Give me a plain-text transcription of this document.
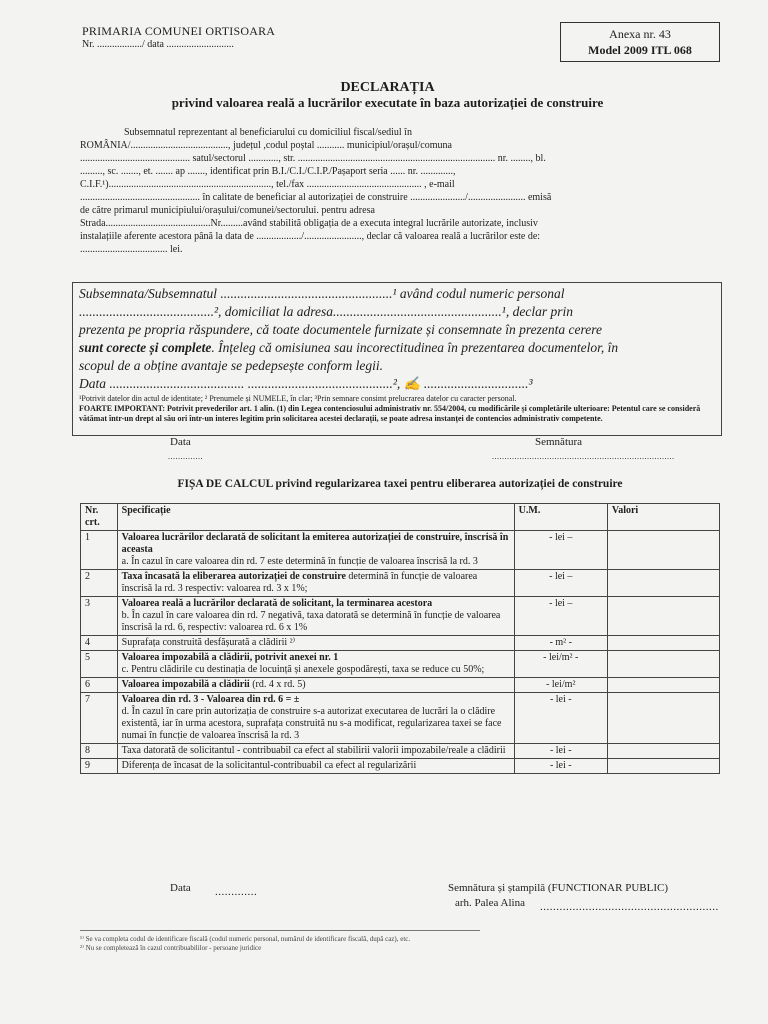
PRIMARIA COMUNEI ORTISOARA
Nr. ................../ data ...........................
Anexa nr. 43
Model 2009 ITL 068
DECLARAȚIA
privind valoarea reală a lucrărilor executate în baza autorizației de construire

Subsemnatul reprezentant al beneficiarului cu domiciliul fiscal/sediul în

ROMÂNIA/......................................., județul ,codul poștal ........... municipiul/orașul/comuna

............................................ satul/sectorul ............, str. ............................................................................... nr. ........, bl.

........., sc. ......., et. ....... ap ......., identificat prin B.I./C.I./C.I.P./Pașaport seria ...... nr. .............,

C.I.F.¹)................................................................., tel./fax .............................................. , e-mail

................................................ în calitate de beneficiar al autorizației de construire ....................../....................... emisă

de către primarul municipiului/orașului/comunei/sectorului. pentru adresa

Strada..........................................Nr.........având stabilită obligația de a executa integral lucrările autorizate, inclusiv

instalațiile aferente acestora până la data de ................../......................., declar că valoarea reală a lucrărilor este de:

................................... lei.

Subsemnata/Subsemnatul ...................................................¹ având codul numeric personal
........................................², domiciliat la adresa..................................................¹, declar prin
prezenta pe propria răspundere, că toate documentele furnizate și consemnate în prezenta cerere
sunt corecte și complete. Înțeleg că omisiunea sau incorectitudinea în prezentarea documentelor, în
scopul de a obține avantaje se pedepsește conform legii.
Data ........................................ ...........................................², ✍ ...............................³
¹Potrivit datelor din actul de identitate; ² Prenumele și NUMELE, în clar; ³Prin semnare consimt prelucrarea datelor cu caracter personal.
FOARTE IMPORTANT: Potrivit prevederilor art. 1 alin. (1) din Legea contenciosului administrativ nr. 554/2004, cu modificările și completările ulterioare: Petentul care se consideră vătămat într-un drept al său ori într-un interes legitim prin solicitarea acestei declarații, se poate adresa instanței de contencios administrativ competente.
Data
..............
Semnătura
.........................................................................
FIȘA DE CALCUL privind regularizarea taxei pentru eliberarea autorizației de construire
Nr. crt.	Specificație	U.M.	Valori
1	Valoarea lucrărilor declarată de solicitant la emiterea autorizației de construire, înscrisă în aceasta
a. În cazul în care valoarea din rd. 7 este determină în funcție de valoarea înscrisă la rd. 3	- lei –	
2	Taxa încasată la eliberarea autorizației de construire determină în funcție de valoarea înscrisă la rd. 3 respectiv: valoarea rd. 3 x 1%;	- lei –	
3	Valoarea reală a lucrărilor declarată de solicitant, la terminarea acestora
b. În cazul în care valoarea din rd. 7 negativă, taxa datorată se determină în funcție de valoarea înscrisă la rd. 6, respectiv: valoarea rd. 6 x 1%	- lei –	
4	Suprafața construită desfășurată a clădirii ²⁾	- m² -	
5	Valoarea impozabilă a clădirii, potrivit anexei nr. 1
c. Pentru clădirile cu destinația de locuință și anexele gospodărești, taxa se reduce cu 50%;	- lei/m² -	
6	Valoarea impozabilă a clădirii (rd. 4 x rd. 5)	- lei/m²	
7	Valoarea din rd. 3 - Valoarea din rd. 6 = ±
d. În cazul în care prin autorizația de construire s-a autorizat executarea de lucrări la o clădire existentă, iar în urma acestora, suprafața construită nu s-a modificat, regularizarea taxei se face numai în funcție de valoarea înscrisă la rd. 3	- lei -	
8	Taxa datorată de solicitantul - contribuabil ca efect al stabilirii valorii impozabile/reale a clădirii	- lei -	
9	Diferența de încasat de la solicitantul-contribuabil ca efect al regularizării	- lei -	
Data .............	Semnătura și ștampilă (FUNCTIONAR PUBLIC)
arh. Palea Alina .......................................................
¹⁾ Se va completa codul de identificare fiscală (codul numeric personal, numărul de identificare fiscală, după caz), etc.
²⁾ Nu se completează în cazul contribuabililor - persoane juridice
